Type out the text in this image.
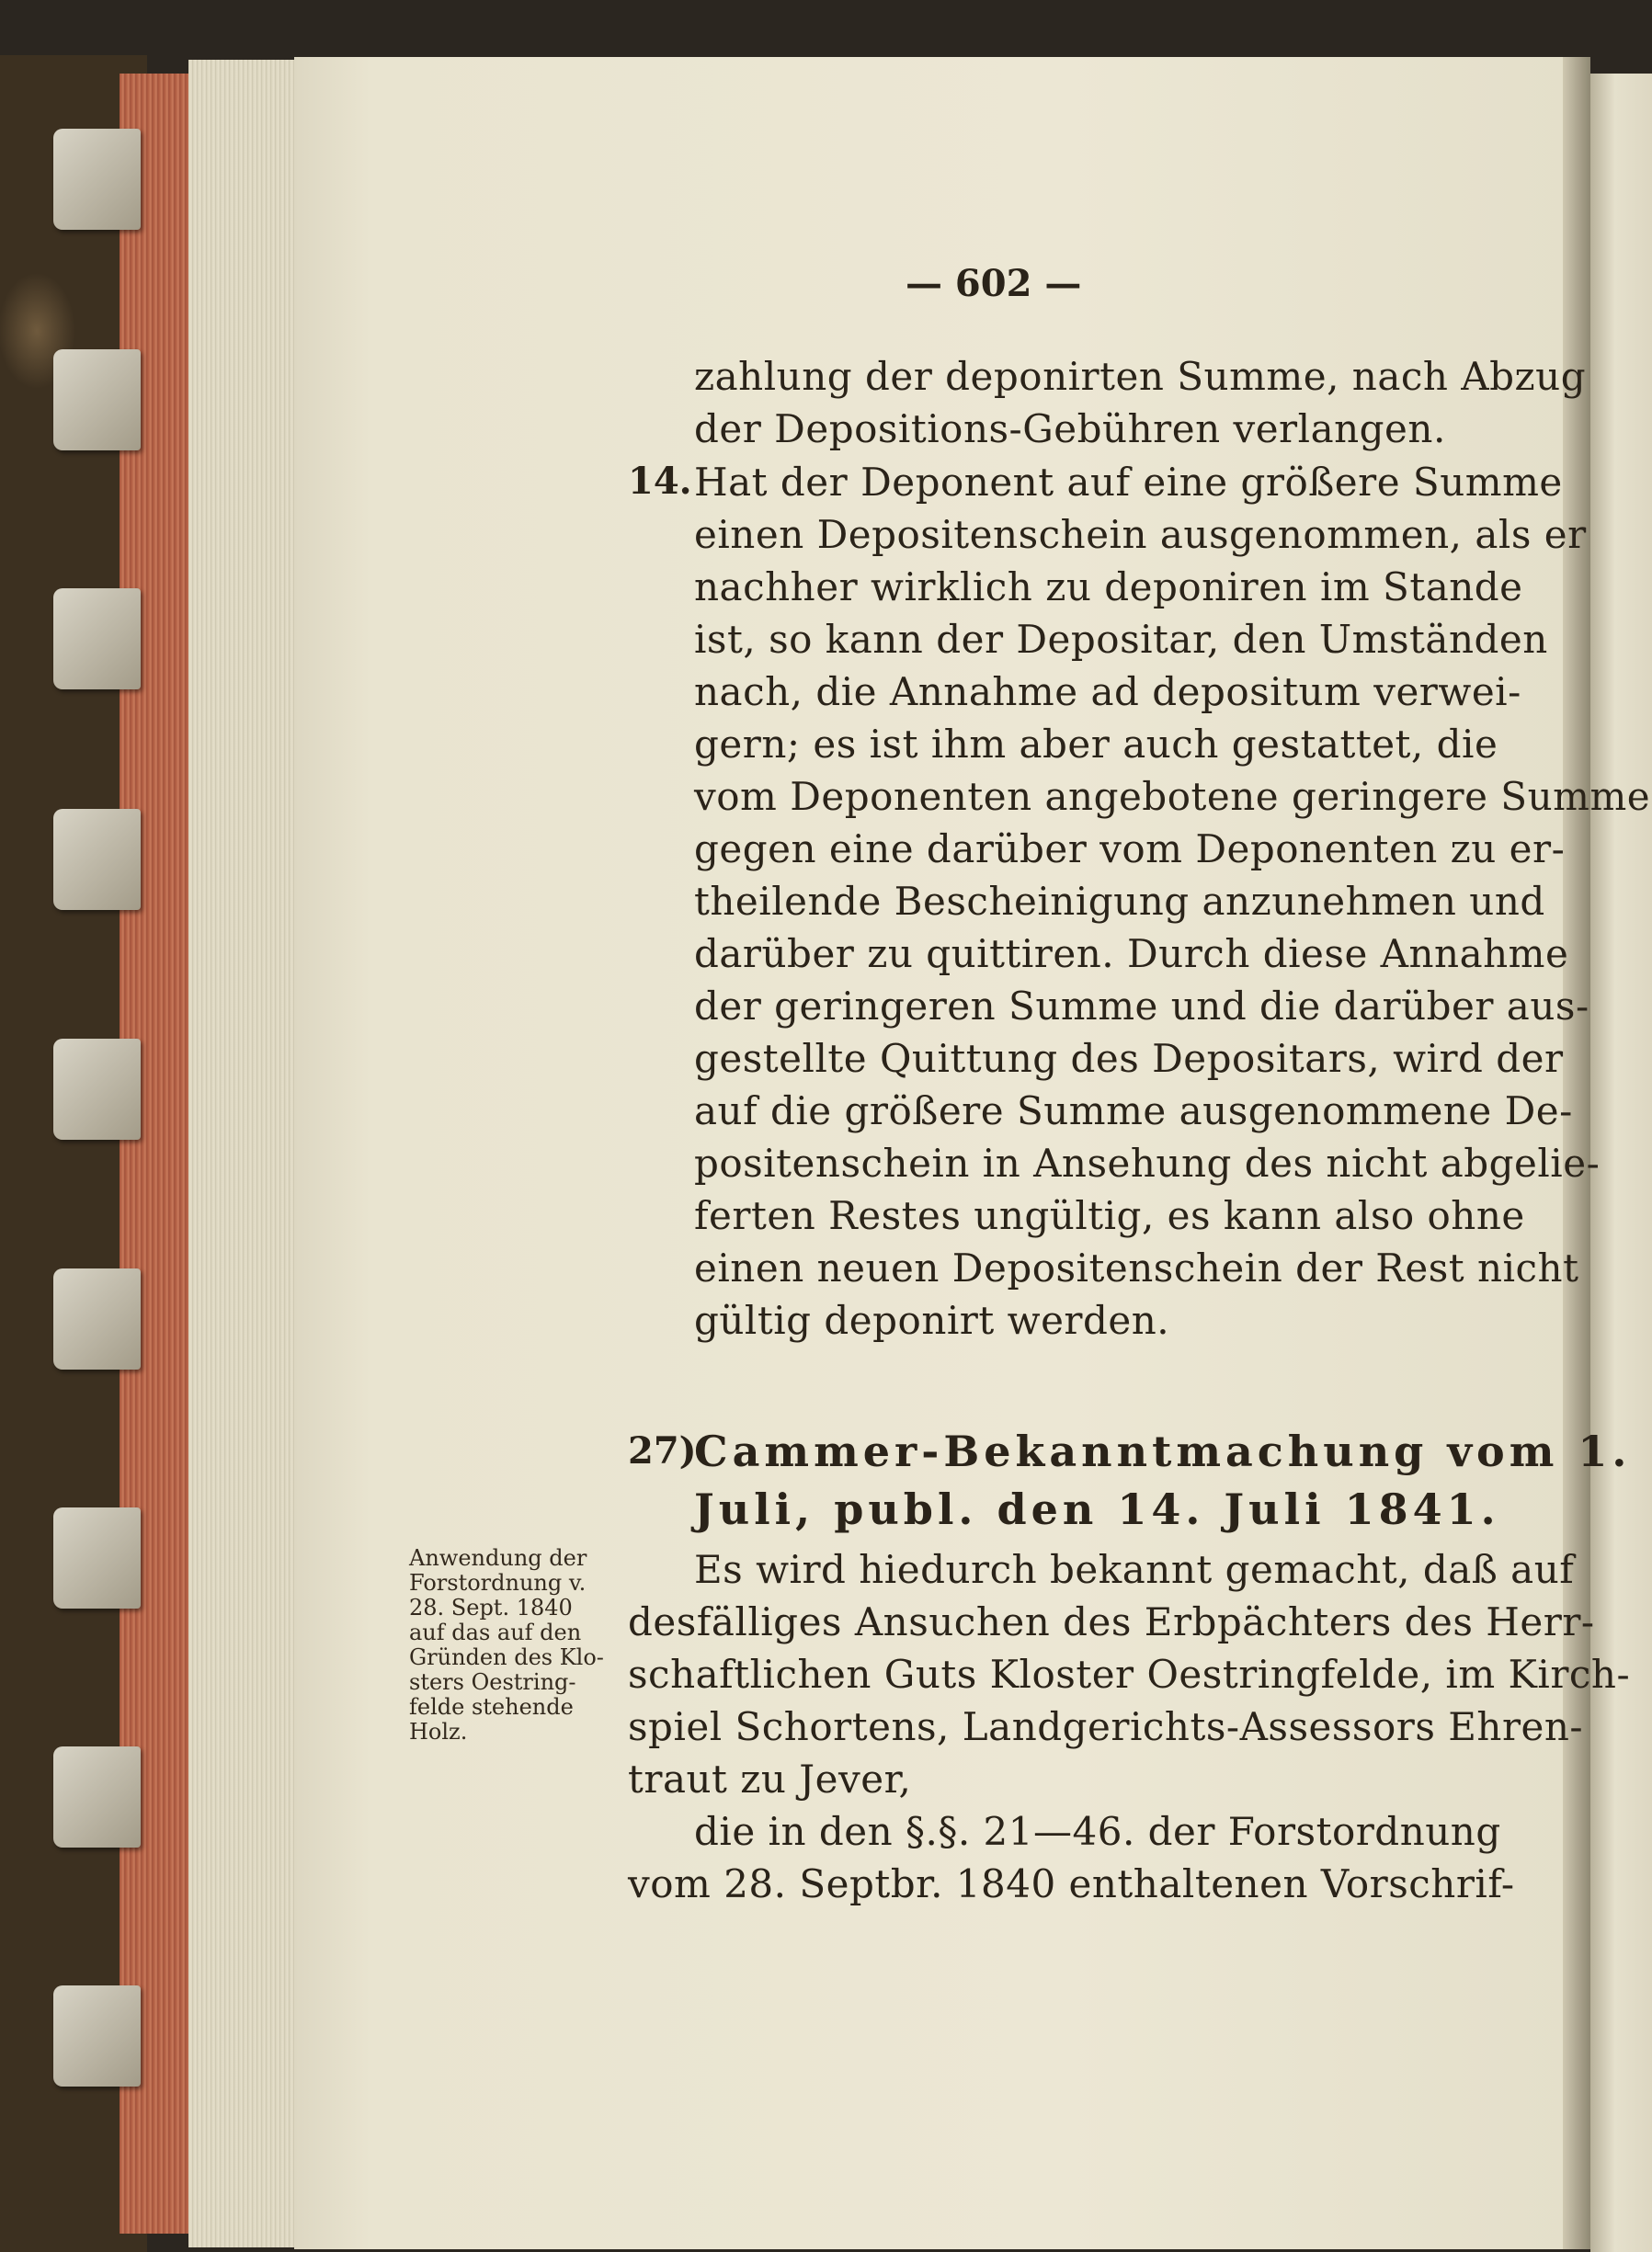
— 602 —
zahlung der deponirten Summe, nach Abzug
der Depositions-Gebühren verlangen.
14. Hat der Deponent auf eine größere Summe
einen Depositenschein ausgenommen, als er
nachher wirklich zu deponiren im Stande
ist, so kann der Depositar, den Umständen
nach, die Annahme ad depositum verwei-
gern; es ist ihm aber auch gestattet, die
vom Deponenten angebotene geringere Summe
gegen eine darüber vom Deponenten zu er-
theilende Bescheinigung anzunehmen und
darüber zu quittiren. Durch diese Annahme
der geringeren Summe und die darüber aus-
gestellte Quittung des Depositars, wird der
auf die größere Summe ausgenommene De-
positenschein in Ansehung des nicht abgelie-
ferten Restes ungültig, es kann also ohne
einen neuen Depositenschein der Rest nicht
gültig deponirt werden.
27)
Cammer-Bekanntmachung vom 1.
Juli, publ. den 14. Juli 1841.
Anwendung der
Forstordnung v.
28. Sept. 1840
auf das auf den
Gründen des Klo-
sters Oestring-
felde stehende
Holz.
Es wird hiedurch bekannt gemacht, daß auf
desfälliges Ansuchen des Erbpächters des Herr-
schaftlichen Guts Kloster Oestringfelde, im Kirch-
spiel Schortens, Landgerichts-Assessors Ehren-
traut zu Jever,
die in den §.§. 21—46. der Forstordnung
vom 28. Septbr. 1840 enthaltenen Vorschrif-
